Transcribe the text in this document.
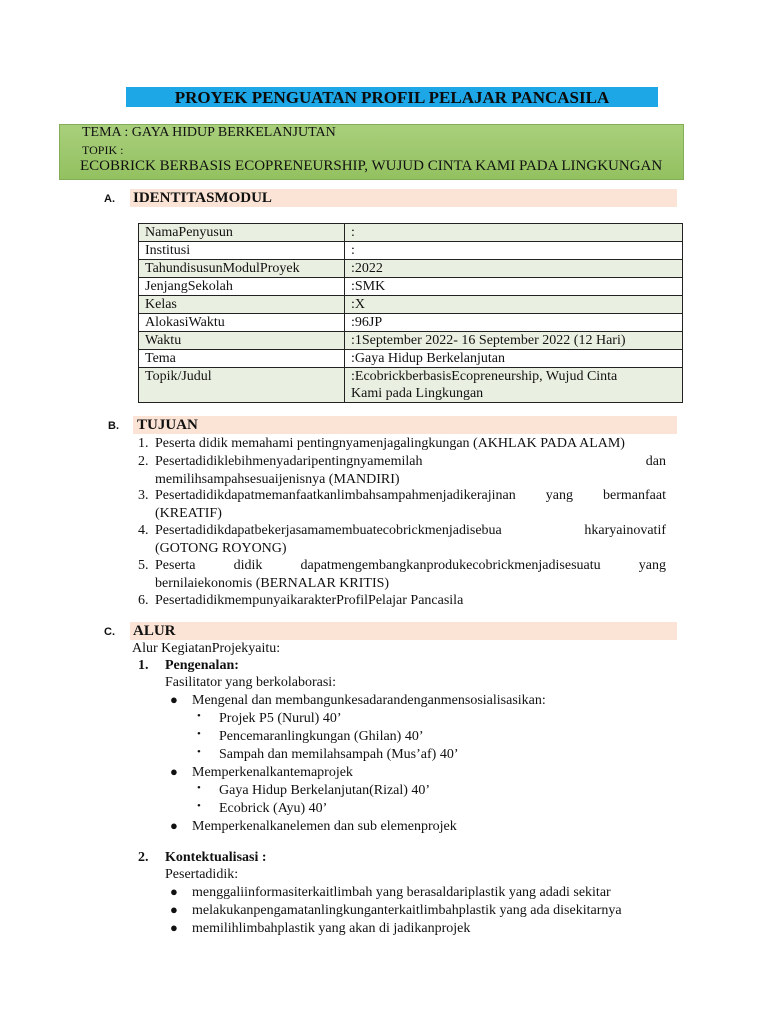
PROYEK PENGUATAN PROFIL PELAJAR PANCASILA
TEMA : GAYA HIDUP BERKELANJUTAN
TOPIK :
ECOBRICK BERBASIS ECOPRENEURSHIP, WUJUD CINTA KAMI PADA LINGKUNGAN
A. IDENTITASMODUL
NamaPenyusun	:
Institusi	:
TahundisusunModulProyek	:2022
JenjangSekolah	:SMK
Kelas	:X
AlokasiWaktu	:96JP
Waktu	:1September 2022- 16 September 2022 (12 Hari)
Tema	:Gaya Hidup Berkelanjutan
Topik/Judul	:EcobrickberbasisEcopreneurship, Wujud Cinta
Kami pada Lingkungan
B. TUJUAN
1. Peserta didik memahami pentingnyamenjagalingkungan (AKHLAK PADA ALAM)
2. Pesertadidiklebihmenyadaripentingnyamemilah	dan
memilihsampahsesuaijenisnya (MANDIRI)
3. Pesertadidikdapatmemanfaatkanlimbahsampahmenjadikerajinan yang bermanfaat
(KREATIF)
4. Pesertadidikdapatbekerjasamamembuatecobrickmenjadisebua	hkaryainovatif
(GOTONG ROYONG)
5. Peserta	didik	dapatmengembangkanprodukecobrickmenjadisesuatu	yang
bernilaiekonomis (BERNALAR KRITIS)
6. PesertadidikmempunyaikarakterProfilPelajar Pancasila
C. ALUR
Alur KegiatanProjekyaitu:
1. Pengenalan:
Fasilitator yang berkolaborasi:
● Mengenal dan membangunkesadarandenganmensosialisasikan:
• Projek P5 (Nurul) 40’
• Pencemaranlingkungan (Ghilan) 40’
• Sampah dan memilahsampah (Mus’af) 40’
● Memperkenalkantemaprojek
• Gaya Hidup Berkelanjutan(Rizal) 40’
• Ecobrick (Ayu) 40’
● Memperkenalkanelemen dan sub elemenprojek
2. Kontektualisasi :
Pesertadidik:
● menggaliinformasiterkaitlimbah yang berasaldariplastik yang adadi sekitar
● melakukanpengamatanlingkunganterkaitlimbahplastik yang ada disekitarnya
● memilihlimbahplastik yang akan di jadikanprojek
